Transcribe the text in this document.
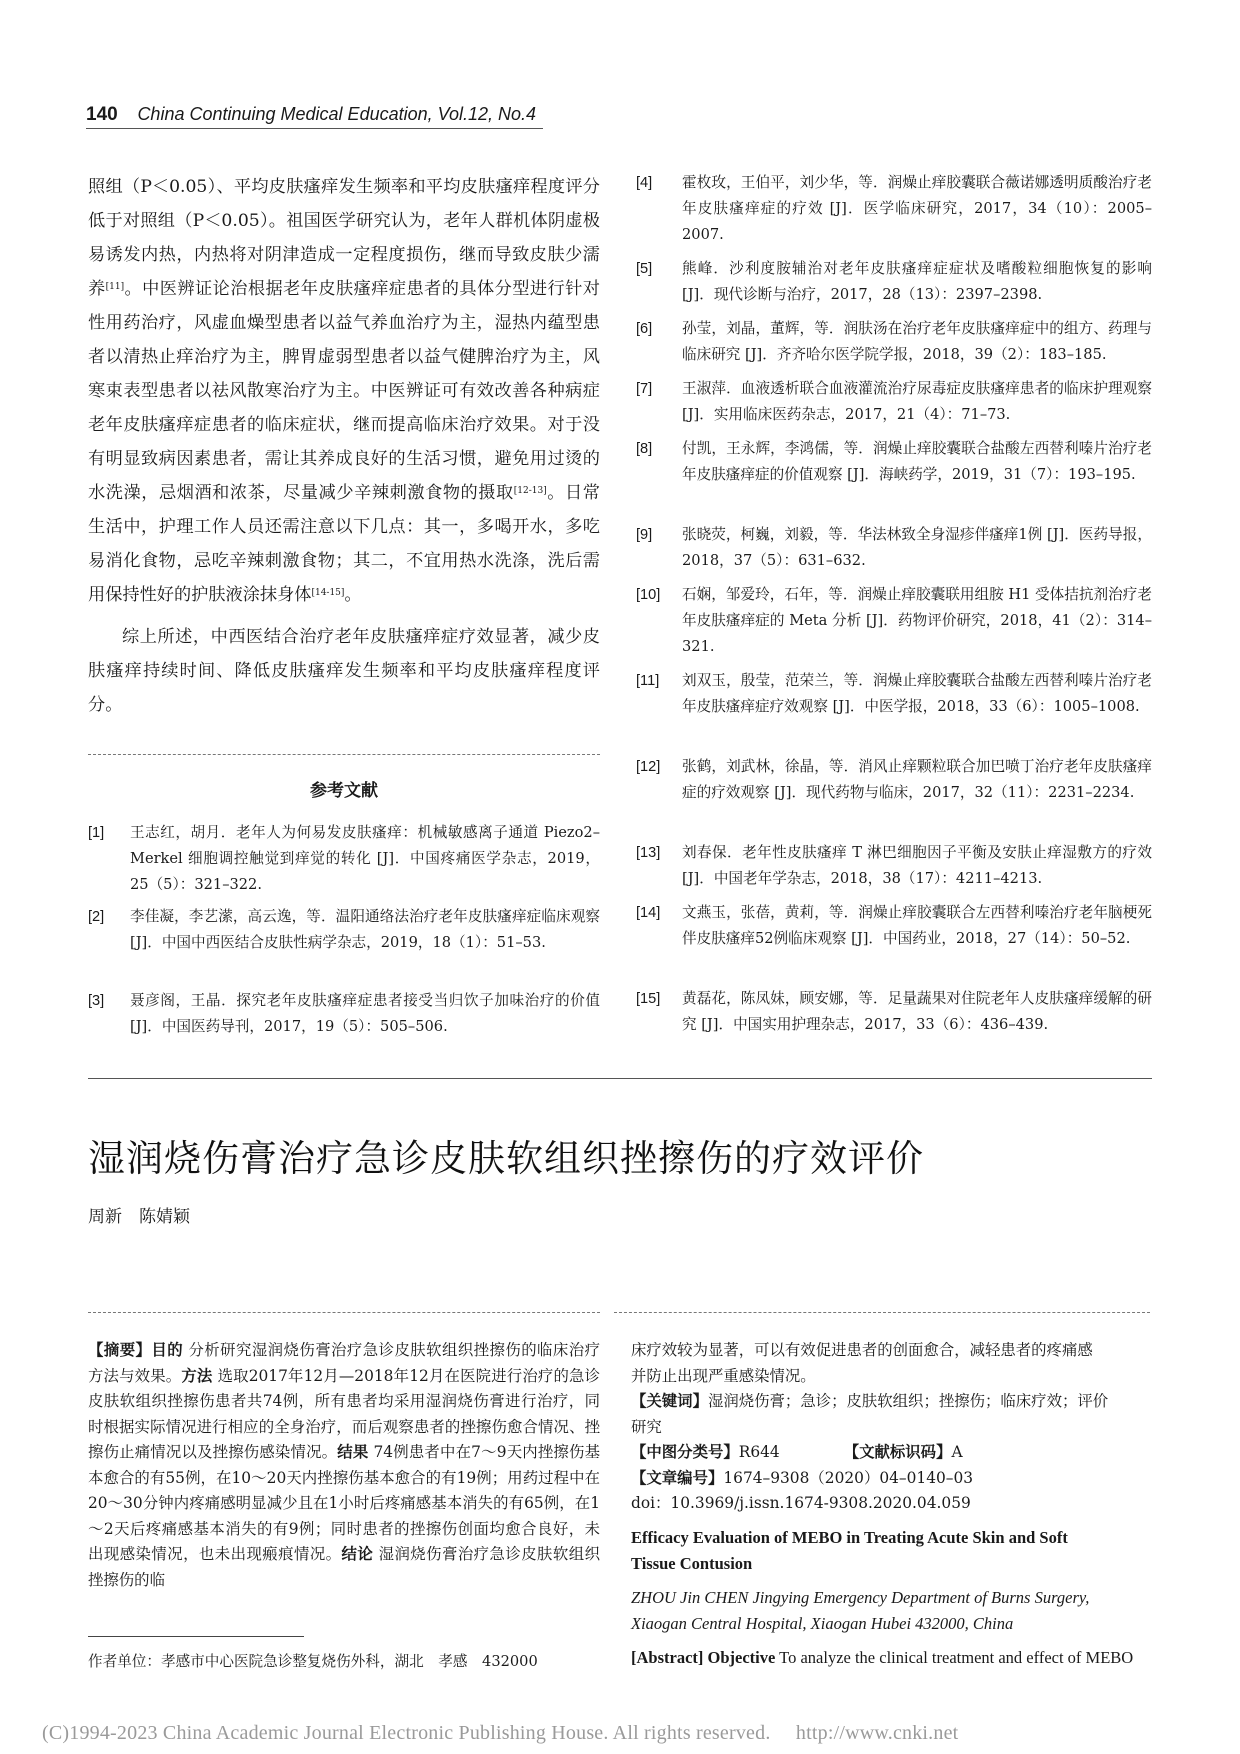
140 China Continuing Medical Education, Vol.12, No.4

照组（P＜0.05）、平均皮肤瘙痒发生频率和平均皮肤瘙痒程度评分低于对照组（P＜0.05）。祖国医学研究认为，老年人群机体阴虚极易诱发内热，内热将对阴津造成一定程度损伤，继而导致皮肤少濡养[11]。中医辨证论治根据老年皮肤瘙痒症患者的具体分型进行针对性用药治疗，风虚血燥型患者以益气养血治疗为主，湿热内蕴型患者以清热止痒治疗为主，脾胃虚弱型患者以益气健脾治疗为主，风寒束表型患者以祛风散寒治疗为主。中医辨证可有效改善各种病症老年皮肤瘙痒症患者的临床症状，继而提高临床治疗效果。对于没有明显致病因素患者，需让其养成良好的生活习惯，避免用过烫的水洗澡，忌烟酒和浓茶，尽量减少辛辣刺激食物的摄取[12-13]。日常生活中，护理工作人员还需注意以下几点：其一，多喝开水，多吃易消化食物，忌吃辛辣刺激食物；其二，不宜用热水洗涤，洗后需用保持性好的护肤液涂抹身体[14-15]。

综上所述，中西医结合治疗老年皮肤瘙痒症疗效显著，减少皮肤瘙痒持续时间、降低皮肤瘙痒发生频率和平均皮肤瘙痒程度评分。

参考文献
[1] 王志红，胡月．老年人为何易发皮肤瘙痒：机械敏感离子通道 Piezo2–Merkel 细胞调控触觉到痒觉的转化 [J]．中国疼痛医学杂志，2019，25（5）：321–322.
[2] 李佳凝，李艺潆，高云逸，等．温阳通络法治疗老年皮肤瘙痒症临床观察 [J]．中国中西医结合皮肤性病学杂志，2019，18（1）：51–53.
[3] 聂彦阁，王晶．探究老年皮肤瘙痒症患者接受当归饮子加味治疗的价值 [J]．中国医药导刊，2017，19（5）：505–506.
[4] 霍枚玫，王伯平，刘少华，等．润燥止痒胶囊联合薇诺娜透明质酸治疗老年皮肤瘙痒症的疗效 [J]．医学临床研究，2017，34（10）：2005–2007.
[5] 熊峰．沙利度胺辅治对老年皮肤瘙痒症症状及嗜酸粒细胞恢复的影响 [J]．现代诊断与治疗，2017，28（13）：2397–2398.
[6] 孙莹，刘晶，董辉，等．润肤汤在治疗老年皮肤瘙痒症中的组方、药理与临床研究 [J]．齐齐哈尔医学院学报，2018，39（2）：183–185.
[7] 王淑萍．血液透析联合血液灌流治疗尿毒症皮肤瘙痒患者的临床护理观察 [J]．实用临床医药杂志，2017，21（4）：71–73.
[8] 付凯，王永辉，李鸿儒，等．润燥止痒胶囊联合盐酸左西替利嗪片治疗老年皮肤瘙痒症的价值观察 [J]．海峡药学，2019，31（7）：193–195.
[9] 张晓荧，柯巍，刘毅，等．华法林致全身湿疹伴瘙痒1例 [J]．医药导报，2018，37（5）：631–632.
[10] 石娴，邹爱玲，石年，等．润燥止痒胶囊联用组胺 H1 受体拮抗剂治疗老年皮肤瘙痒症的 Meta 分析 [J]．药物评价研究，2018，41（2）：314–321.
[11] 刘双玉，殷莹，范荣兰，等．润燥止痒胶囊联合盐酸左西替利嗪片治疗老年皮肤瘙痒症疗效观察 [J]．中医学报，2018，33（6）：1005–1008.
[12] 张鹤，刘武林，徐晶，等．消风止痒颗粒联合加巴喷丁治疗老年皮肤瘙痒症的疗效观察 [J]．现代药物与临床，2017，32（11）：2231–2234.
[13] 刘春保．老年性皮肤瘙痒 T 淋巴细胞因子平衡及安肤止痒湿敷方的疗效 [J]．中国老年学杂志，2018，38（17）：4211–4213.
[14] 文燕玉，张蓓，黄莉，等．润燥止痒胶囊联合左西替利嗪治疗老年脑梗死伴皮肤瘙痒52例临床观察 [J]．中国药业，2018，27（14）：50–52.
[15] 黄磊花，陈凤妹，顾安娜，等．足量蔬果对住院老年人皮肤瘙痒缓解的研究 [J]．中国实用护理杂志，2017，33（6）：436–439.
湿润烧伤膏治疗急诊皮肤软组织挫擦伤的疗效评价
周新　陈婧颖
【摘要】目的 分析研究湿润烧伤膏治疗急诊皮肤软组织挫擦伤的临床治疗方法与效果。方法 选取2017年12月—2018年12月在医院进行治疗的急诊皮肤软组织挫擦伤患者共74例，所有患者均采用湿润烧伤膏进行治疗，同时根据实际情况进行相应的全身治疗，而后观察患者的挫擦伤愈合情况、挫擦伤止痛情况以及挫擦伤感染情况。结果 74例患者中在7～9天内挫擦伤基本愈合的有55例，在10～20天内挫擦伤基本愈合的有19例；用药过程中在20～30分钟内疼痛感明显减少且在1小时后疼痛感基本消失的有65例，在1～2天后疼痛感基本消失的有9例；同时患者的挫擦伤创面均愈合良好，未出现感染情况，也未出现瘢痕情况。结论 湿润烧伤膏治疗急诊皮肤软组织挫擦伤的临
作者单位：孝感市中心医院急诊整复烧伤外科，湖北　孝感　432000
床疗效较为显著，可以有效促进患者的创面愈合，减轻患者的疼痛感
并防止出现严重感染情况。
【关键词】湿润烧伤膏；急诊；皮肤软组织；挫擦伤；临床疗效；评价
研究
【中图分类号】R644	【文献标识码】A
【文章编号】1674–9308（2020）04–0140–03
doi：10.3969/j.issn.1674-9308.2020.04.059
Efficacy Evaluation of MEBO in Treating Acute Skin and Soft
Tissue Contusion
ZHOU Jin CHEN Jingying Emergency Department of Burns Surgery,
Xiaogan Central Hospital, Xiaogan Hubei 432000, China
[Abstract] Objective To analyze the clinical treatment and effect of MEBO
(C)1994-2023 China Academic Journal Electronic Publishing House. All rights reserved.　 http://www.cnki.net
